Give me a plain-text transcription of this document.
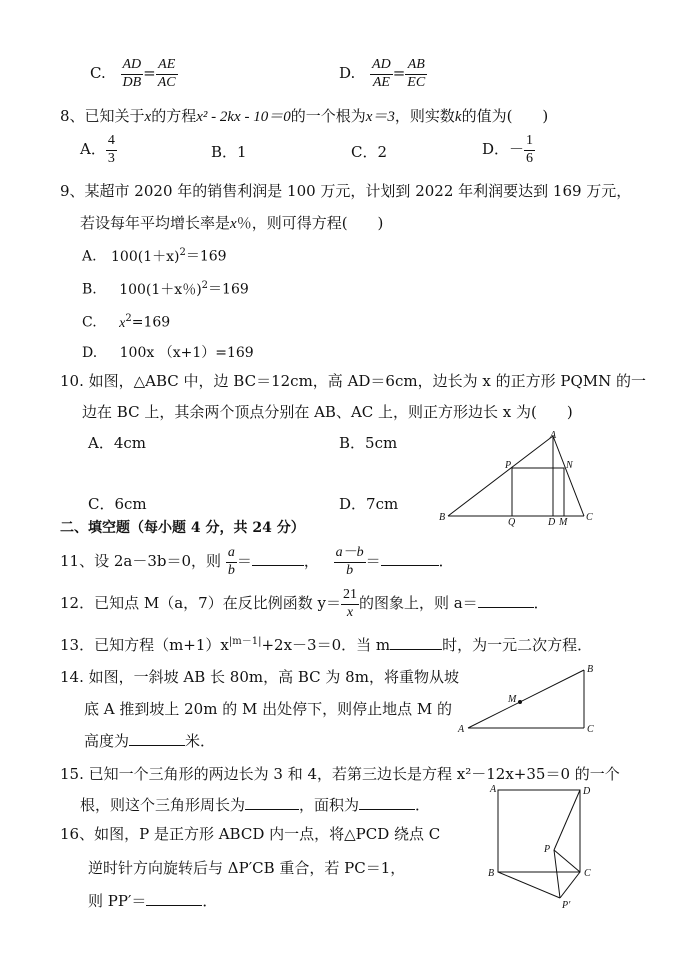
C. $\frac{AD}{DB} = \frac{AE}{AC}$	D. $\frac{AD}{AE} = \frac{AB}{EC}$
8、已知关于x的方程x² - 2kx - 10＝0的一个根为x＝3，则实数k的值为(　　)
A． $\frac{4}{3}$	B．1	C．2	D．－ $\frac{1}{6}$
9、某超市 2020 年的销售利润是 100 万元，计划到 2022 年利润要达到 169 万元，
若设每年平均增长率是x％，则可得方程(　　)
A. $100(1+x)^2=169$
B. 100(1＋x％)$^2$＝169
C. $x^2=169$
D. 100x （x+1）=169
10. 如图，△ABC 中，边 BC＝12cm，高 AD＝6cm，边长为 x 的正方形 PQMN 的一
边在 BC 上，其余两个顶点分别在 AB、AC 上，则正方形边长 x 为(　　)
A．4cm	B．5cm
C．6cm	D．7cm
A
B	C
P	N
Q	D M
二、填空题（每小题 4 分，共 24 分）
11、设 2a－3b＝0，则 $\frac{a}{b}$ ＝	， $\frac{a-b}{b}$ ＝	．
12．已知点 M（a，7）在反比例函数 $y= \frac{21}{x}$ 的图象上，则 a＝	．
13．已知方程$(m+1)x^{|m-1|}+2x-3=0$．当 m	时，为一元二次方程．
14. 如图，一斜坡 AB 长 80m，高 BC 为 8m，将重物从坡
底 A 推到坡上 20m 的 M 出处停下，则停止地点 M 的
高度为	米．
A
B
C
M
15. 已知一个三角形的两边长为 3 和 4，若第三边长是方程 x²－12x+35＝0 的一个
根，则这个三角形周长为	，面积为	．
16、如图，P 是正方形 ABCD 内一点，将△PCD 绕点 C
逆时针方向旋转后与 ΔP′CB 重合，若 PC＝1，
则 PP′＝	．
A	D
B	C
P
P′
